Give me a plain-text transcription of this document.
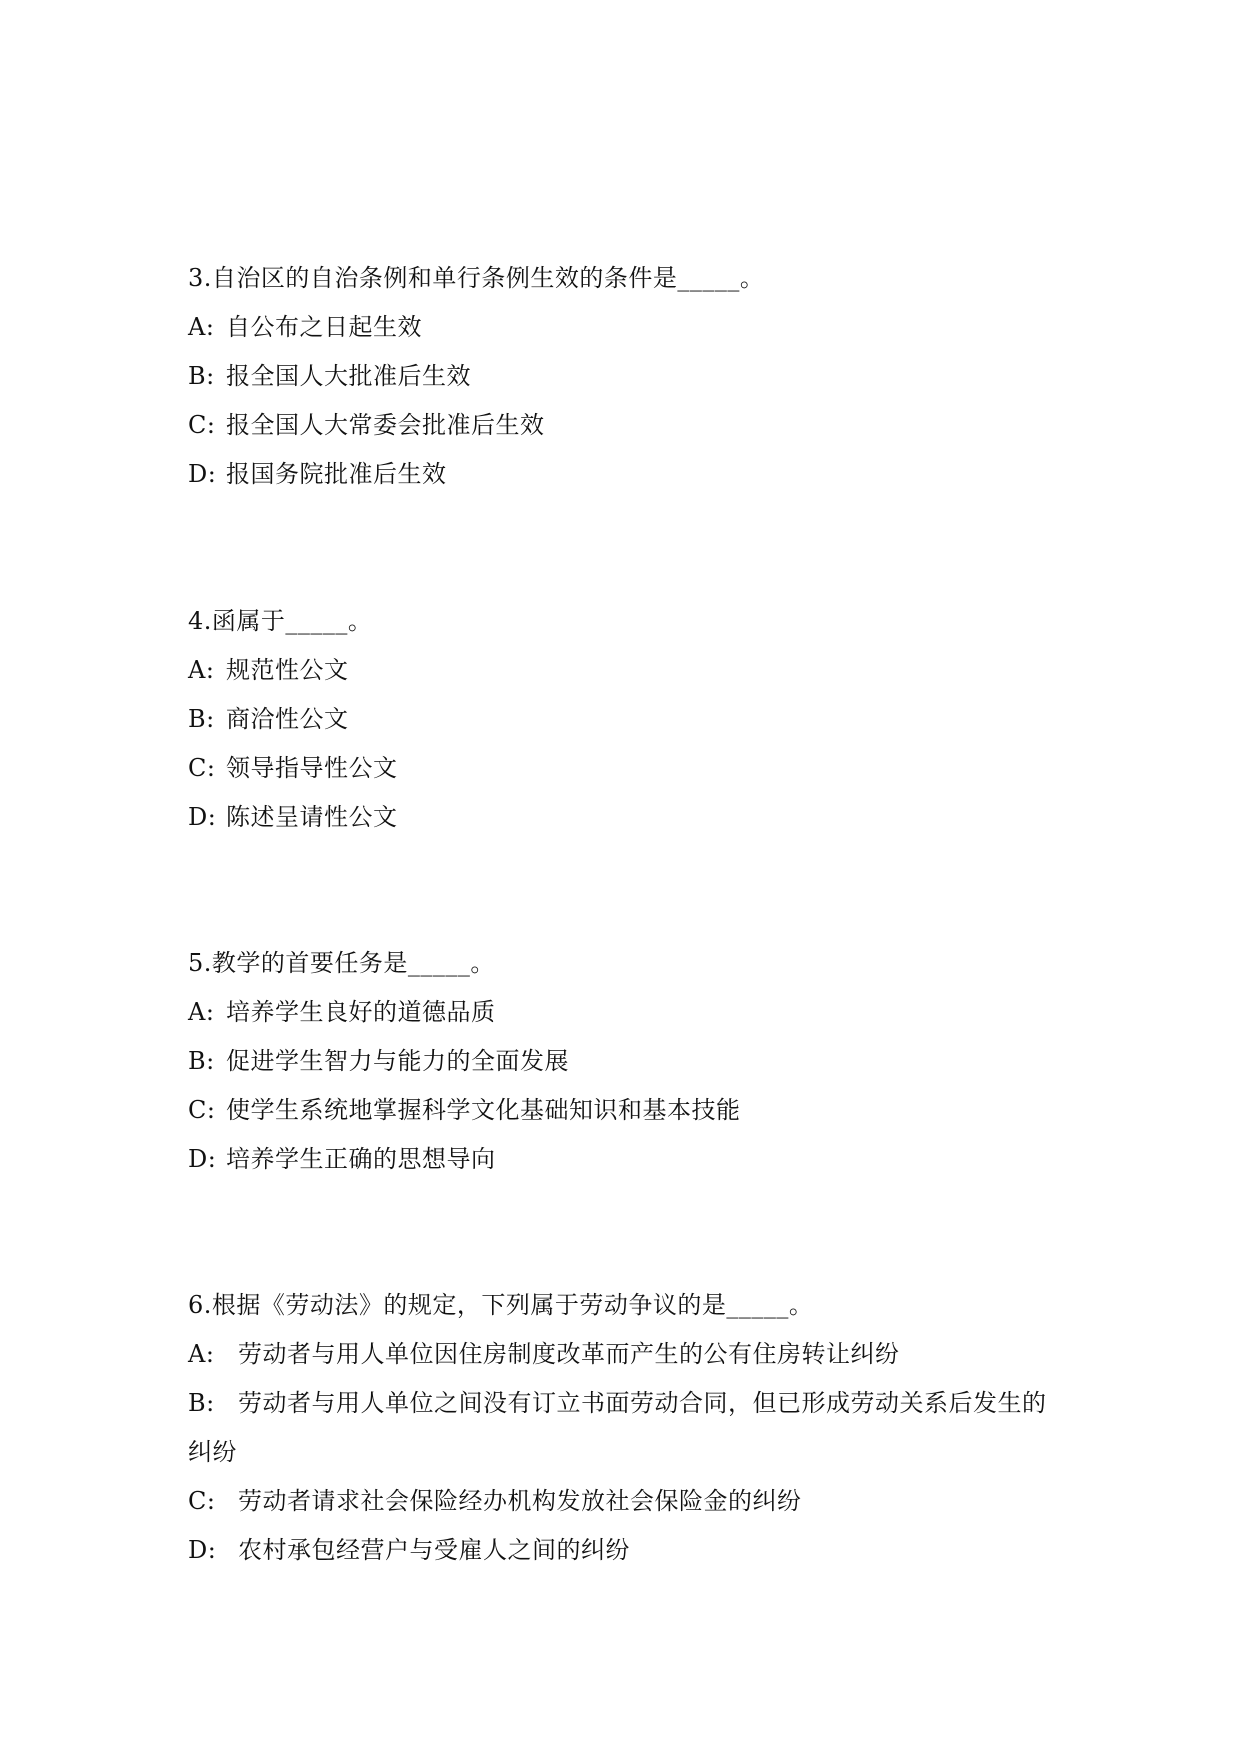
3.自治区的自治条例和单行条例生效的条件是_____。
A: 自公布之日起生效
B: 报全国人大批准后生效
C: 报全国人大常委会批准后生效
D: 报国务院批准后生效
4.函属于_____。
A: 规范性公文
B: 商洽性公文
C: 领导指导性公文
D: 陈述呈请性公文
5.教学的首要任务是_____。
A: 培养学生良好的道德品质
B: 促进学生智力与能力的全面发展
C: 使学生系统地掌握科学文化基础知识和基本技能
D: 培养学生正确的思想导向
6.根据《劳动法》的规定，下列属于劳动争议的是_____。
A: 劳动者与用人单位因住房制度改革而产生的公有住房转让纠纷
B: 劳动者与用人单位之间没有订立书面劳动合同，但已形成劳动关系后发生的纠纷
C: 劳动者请求社会保险经办机构发放社会保险金的纠纷
D: 农村承包经营户与受雇人之间的纠纷
